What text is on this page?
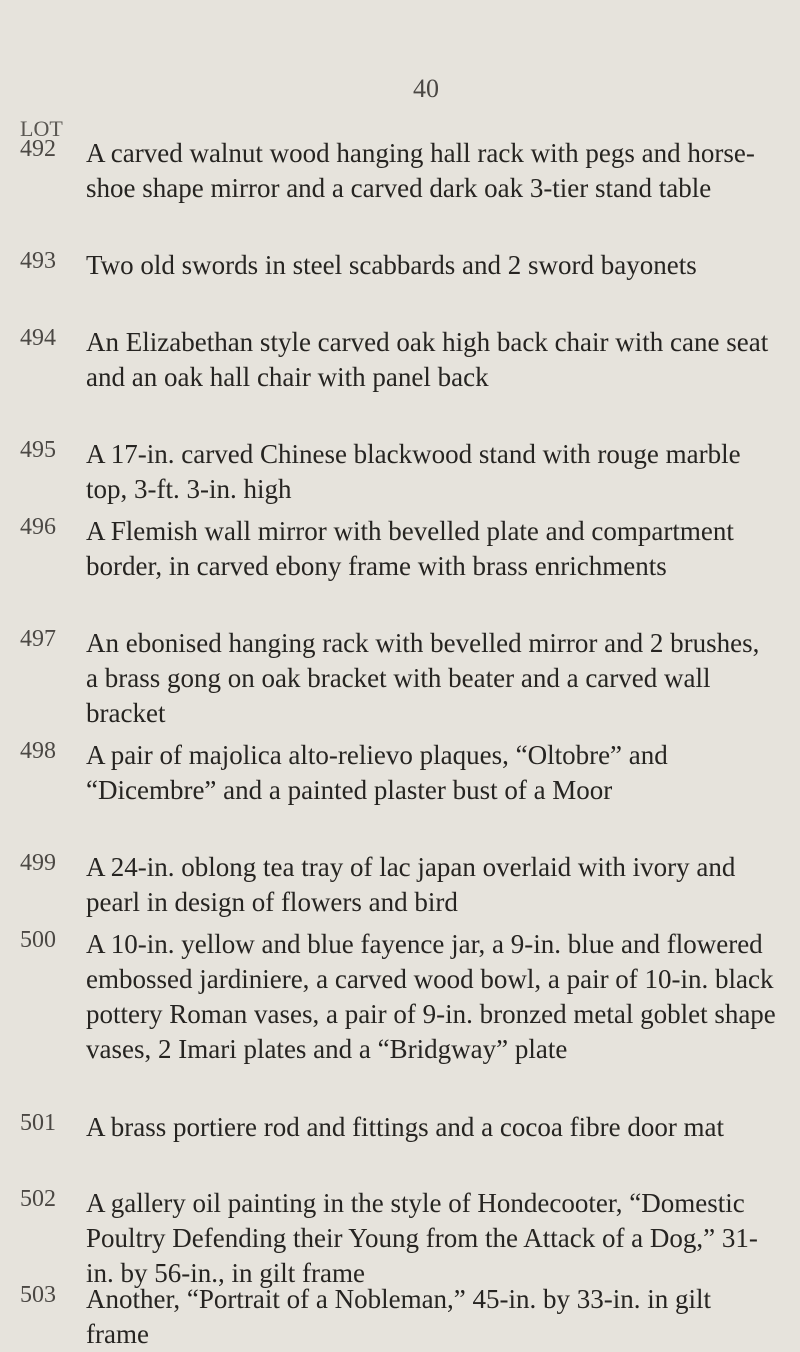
40
LOT
492	A carved walnut wood hanging hall rack with pegs and horse-shoe shape mirror and a carved dark oak 3-tier stand table
493	Two old swords in steel scabbards and 2 sword bayonets
494	An Elizabethan style carved oak high back chair with cane seat and an oak hall chair with panel back
495	A 17-in. carved Chinese blackwood stand with rouge marble top, 3-ft. 3-in. high
496	A Flemish wall mirror with bevelled plate and compartment border, in carved ebony frame with brass enrichments
497	An ebonised hanging rack with bevelled mirror and 2 brushes, a brass gong on oak bracket with beater and a carved wall bracket
498	A pair of majolica alto-relievo plaques, “Oltobre” and “Dicembre” and a painted plaster bust of a Moor
499	A 24-in. oblong tea tray of lac japan overlaid with ivory and pearl in design of flowers and bird
500	A 10-in. yellow and blue fayence jar, a 9-in. blue and flowered embossed jardiniere, a carved wood bowl, a pair of 10-in. black pottery Roman vases, a pair of 9-in. bronzed metal goblet shape vases, 2 Imari plates and a “Bridgway” plate
501	A brass portiere rod and fittings and a cocoa fibre door mat
502	A gallery oil painting in the style of Hondecooter, “Domestic Poultry Defending their Young from the Attack of a Dog,” 31-in. by 56-in., in gilt frame
503	Another, “Portrait of a Nobleman,” 45-in. by 33-in. in gilt frame
